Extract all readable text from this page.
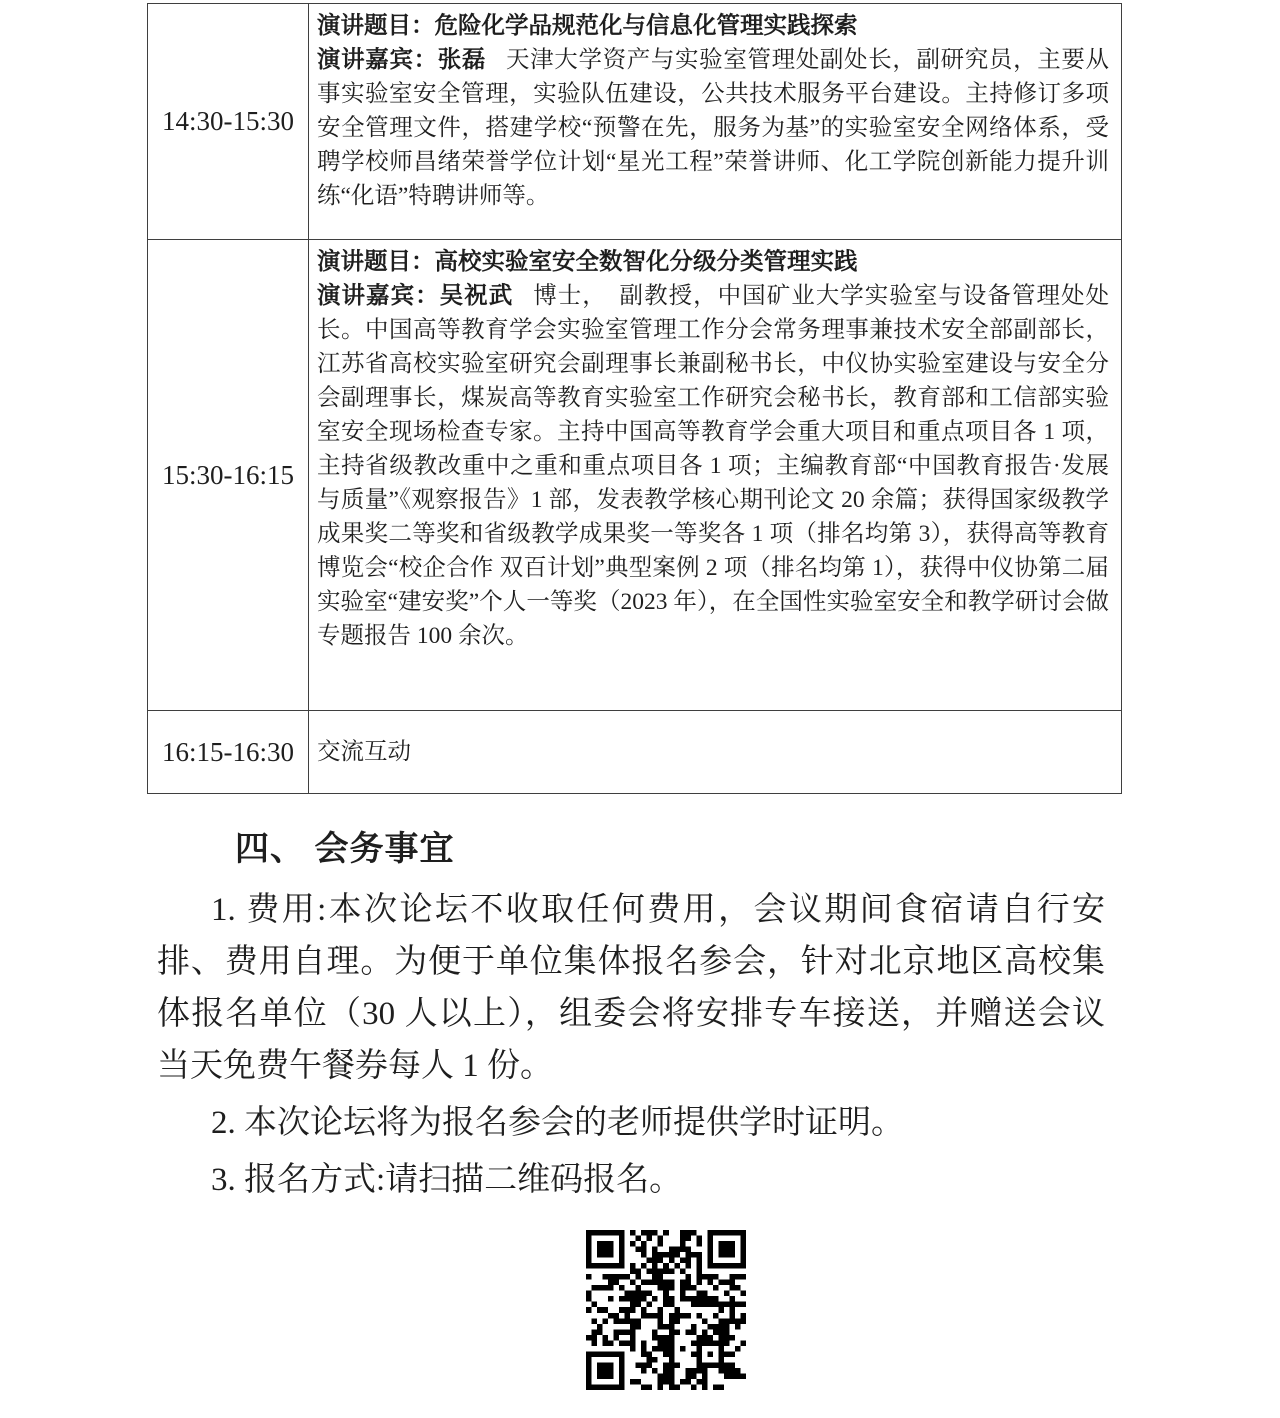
14:30-15:30	演讲题目：危险化学品规范化与信息化管理实践探索
演讲嘉宾：张磊 天津大学资产与实验室管理处副处长，副研究员，主要从事实验室安全管理，实验队伍建设，公共技术服务平台建设。主持修订多项安全管理文件，搭建学校“预警在先，服务为基”的实验室安全网络体系，受聘学校师昌绪荣誉学位计划“星光工程”荣誉讲师、化工学院创新能力提升训练“化语”特聘讲师等。

15:30-16:15	演讲题目：高校实验室安全数智化分级分类管理实践
演讲嘉宾：吴祝武 博士，　副教授，中国矿业大学实验室与设备管理处处长。中国高等教育学会实验室管理工作分会常务理事兼技术安全部副部长，江苏省高校实验室研究会副理事长兼副秘书长，中仪协实验室建设与安全分会副理事长，煤炭高等教育实验室工作研究会秘书长，教育部和工信部实验室安全现场检查专家。主持中国高等教育学会重大项目和重点项目各 1 项，主持省级教改重中之重和重点项目各 1 项；主编教育部“中国教育报告·发展与质量”《观察报告》1 部，发表教学核心期刊论文 20 余篇；获得国家级教学成果奖二等奖和省级教学成果奖一等奖各 1 项（排名均第 3），获得高等教育博览会“校企合作 双百计划”典型案例 2 项（排名均第 1），获得中仪协第二届实验室“建安奖”个人一等奖（2023 年），在全国性实验室安全和教学研讨会做专题报告 100 余次。

16:15-16:30	交流互动
四、 会务事宜

1. 费用:本次论坛不收取任何费用，会议期间食宿请自行安排、费用自理。为便于单位集体报名参会，针对北京地区高校集体报名单位（30 人以上），组委会将安排专车接送，并赠送会议当天免费午餐券每人 1 份。

2. 本次论坛将为报名参会的老师提供学时证明。

3. 报名方式:请扫描二维码报名。
